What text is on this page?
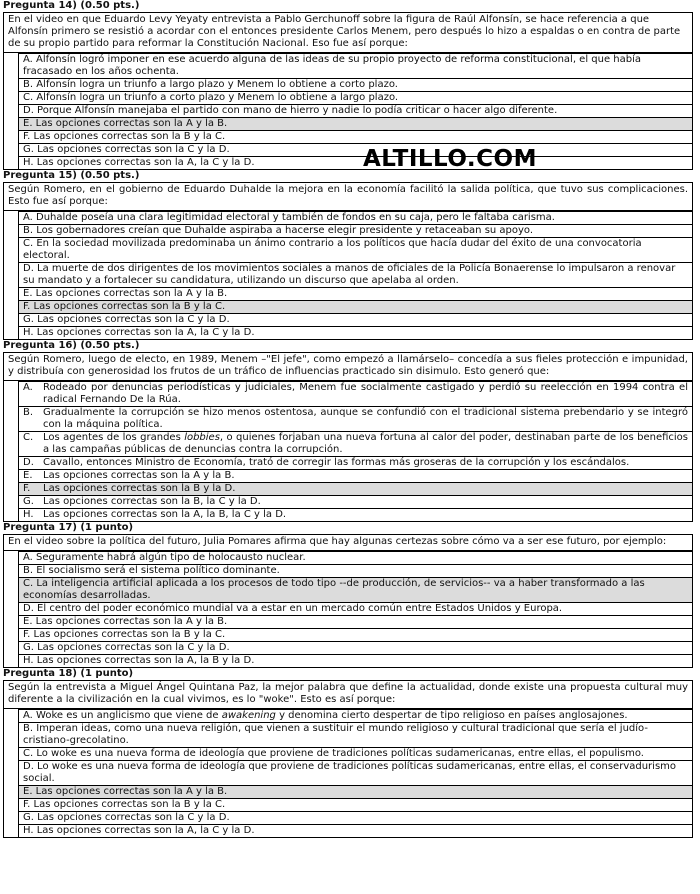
Pregunta 14) (0.50 pts.)
En el video en que Eduardo Levy Yeyaty entrevista a Pablo Gerchunoff sobre la figura de Raúl Alfonsín, se hace referencia a que Alfonsín primero se resistió a acordar con el entonces presidente Carlos Menem, pero después lo hizo a espaldas o en contra de parte de su propio partido para reformar la Constitución Nacional. Eso fue así porque:
A. Alfonsín logró imponer en ese acuerdo alguna de las ideas de su propio proyecto de reforma constitucional, el que había fracasado en los años ochenta.
B. Alfonsín logra un triunfo a largo plazo y Menem lo obtiene a corto plazo.
C. Alfonsín logra un triunfo a corto plazo y Menem lo obtiene a largo plazo.
D. Porque Alfonsín manejaba el partido con mano de hierro y nadie lo podía criticar o hacer algo diferente.
E. Las opciones correctas son la A y la B.
F. Las opciones correctas son la B y la C.
G. Las opciones correctas son la C y la D.
H. Las opciones correctas son la A, la C y la D.
Pregunta 15) (0.50 pts.)
Según Romero, en el gobierno de Eduardo Duhalde la mejora en la economía facilitó la salida política, que tuvo sus complicaciones. Esto fue así porque:
A. Duhalde poseía una clara legitimidad electoral y también de fondos en su caja, pero le faltaba carisma.
B. Los gobernadores creían que Duhalde aspiraba a hacerse elegir presidente y retaceaban su apoyo.
C. En la sociedad movilizada predominaba un ánimo contrario a los políticos que hacía dudar del éxito de una convocatoria electoral.
D. La muerte de dos dirigentes de los movimientos sociales a manos de oficiales de la Policía Bonaerense lo impulsaron a renovar su mandato y a fortalecer su candidatura, utilizando un discurso que apelaba al orden.
E. Las opciones correctas son la A y la B.
F. Las opciones correctas son la B y la C.
G. Las opciones correctas son la C y la D.
H. Las opciones correctas son la A, la C y la D.
Pregunta 16) (0.50 pts.)
Según Romero, luego de electo, en 1989, Menem –"El jefe", como empezó a llamárselo– concedía a sus fieles protección e impunidad, y distribuía con generosidad los frutos de un tráfico de influencias practicado sin disimulo. Esto generó que:
A.	Rodeado por denuncias periodísticas y judiciales, Menem fue socialmente castigado y perdió su reelección en 1994 contra el radical Fernando De la Rúa.
B. Gradualmente la corrupción se hizo menos ostentosa, aunque se confundió con el tradicional sistema prebendario y se integró con la máquina política.
C. Los agentes de los grandes lobbies, o quienes forjaban una nueva fortuna al calor del poder, destinaban parte de los beneficios a las campañas públicas de denuncias contra la corrupción.
D. Cavallo, entonces Ministro de Economía, trató de corregir las formas más groseras de la corrupción y los escándalos.
E.	Las opciones correctas son la A y la B.
F.	Las opciones correctas son la B y la D.
G. Las opciones correctas son la B, la C y la D.
H. Las opciones correctas son la A, la B, la C y la D.
Pregunta 17) (1 punto)
En el video sobre la política del futuro, Julia Pomares afirma que hay algunas certezas sobre cómo va a ser ese futuro, por ejemplo:
A. Seguramente habrá algún tipo de holocausto nuclear.
B. El socialismo será el sistema político dominante.
C. La inteligencia artificial aplicada a los procesos de todo tipo --de producción, de servicios-- va a haber transformado a las economías desarrolladas.
D. El centro del poder económico mundial va a estar en un mercado común entre Estados Unidos y Europa.
E. Las opciones correctas son la A y la B.
F. Las opciones correctas son la B y la C.
G. Las opciones correctas son la C y la D.
H. Las opciones correctas son la A, la B y la D.
Pregunta 18) (1 punto)
Según la entrevista a Miguel Ángel Quintana Paz, la mejor palabra que define la actualidad, donde existe una propuesta cultural muy diferente a la civilización en la cual vivimos, es lo "woke". Esto es así porque:
A. Woke es un anglicismo que viene de awakening y denomina cierto despertar de tipo religioso en países anglosajones.
B. Imperan ideas, como una nueva religión, que vienen a sustituir el mundo religioso y cultural tradicional que sería el judío-cristiano-grecolatino.
C. Lo woke es una nueva forma de ideología que proviene de tradiciones políticas sudamericanas, entre ellas, el populismo.
D. Lo woke es una nueva forma de ideología que proviene de tradiciones políticas sudamericanas, entre ellas, el conservadurismo social.
E. Las opciones correctas son la A y la B.
F. Las opciones correctas son la B y la C.
G. Las opciones correctas son la C y la D.
H. Las opciones correctas son la A, la C y la D.
ALTILLO.COM
